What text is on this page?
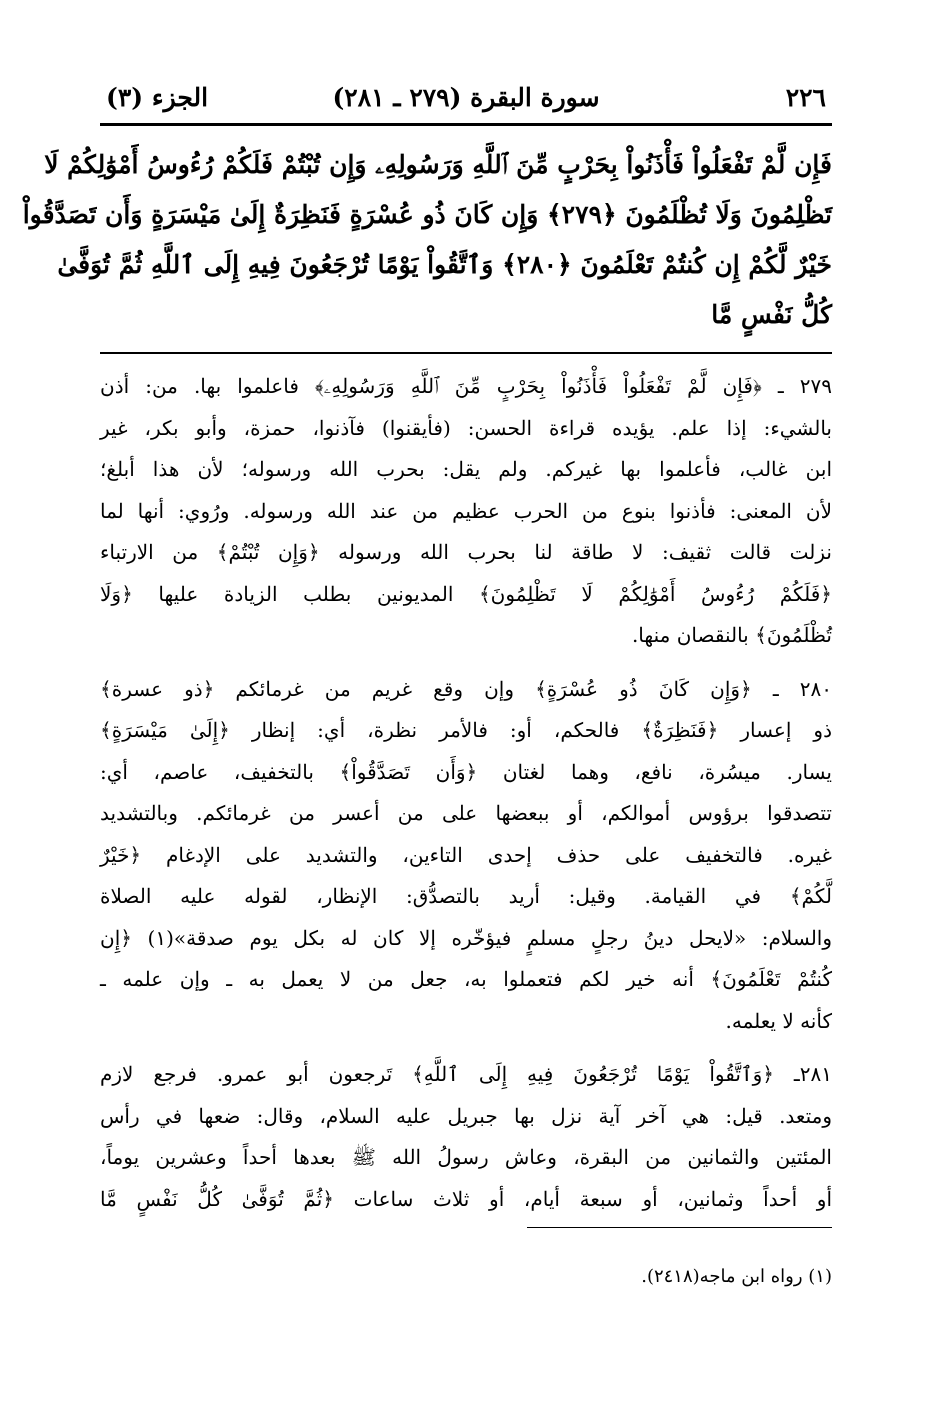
٢٢٦
سورة البقرة (٢٧٩ ـ ٢٨١)
الجزء (٣)
فَإِن لَّمْ تَفْعَلُواْ فَأْذَنُواْ بِحَرْبٍ مِّنَ ٱللَّهِ وَرَسُولِهِۦ وَإِن تُبْتُمْ فَلَكُمْ رُءُوسُ أَمْوَٰلِكُمْ لَا
تَظْلِمُونَ وَلَا تُظْلَمُونَ ﴿٢٧٩﴾ وَإِن كَانَ ذُو عُسْرَةٍ فَنَظِرَةٌ إِلَىٰ مَيْسَرَةٍ وَأَن تَصَدَّقُواْ
خَيْرٌ لَّكُمْ إِن كُنتُمْ تَعْلَمُونَ ﴿٢٨٠﴾ وَٱتَّقُواْ يَوْمًا تُرْجَعُونَ فِيهِ إِلَى ٱللَّهِ ثُمَّ تُوَفَّىٰ
كُلُّ نَفْسٍ مَّا
٢٧٩ ـ ﴿فَإِن لَّمْ تَفْعَلُواْ فَأْذَنُواْ بِحَرْبٍ مِّنَ ٱللَّهِ وَرَسُولِهِۦ﴾ فاعلموا بها. من: أذن
بالشيء: إذا علم. يؤيده قراءة الحسن: (فأيقنوا) فآذنوا، حمزة، وأبو بكر، غير
ابن غالب، فأعلموا بها غيركم. ولم يقل: بحرب الله ورسوله؛ لأن هذا أبلغ؛
لأن المعنى: فأذنوا بنوع من الحرب عظيم من عند الله ورسوله. ورُوي: أنها لما
نزلت قالت ثقيف: لا طاقة لنا بحرب الله ورسوله ﴿وَإِن تُبْتُمْ﴾ من الارتباء
﴿فَلَكُمْ رُءُوسُ أَمْوَٰلِكُمْ لَا تَظْلِمُونَ﴾ المديونين بطلب الزيادة عليها ﴿وَلَا
تُظْلَمُونَ﴾ بالنقصان منها.
٢٨٠ ـ ﴿وَإِن كَانَ ذُو عُسْرَةٍ﴾ وإن وقع غريم من غرمائكم ﴿ذو عسرة﴾
ذو إعسار ﴿فَنَظِرَةٌ﴾ فالحكم، أو: فالأمر نظرة، أي: إنظار ﴿إِلَىٰ مَيْسَرَةٍ﴾
يسار. ميسُرة، نافع، وهما لغتان ﴿وَأَن تَصَدَّقُواْ﴾ بالتخفيف، عاصم، أي:
تتصدقوا برؤوس أموالكم، أو ببعضها على من أعسر من غرمائكم. وبالتشديد
غيره. فالتخفيف على حذف إحدى التاءين، والتشديد على الإدغام ﴿خَيْرٌ
لَّكُمْ﴾ في القيامة. وقيل: أريد بالتصدُّق: الإنظار، لقوله عليه الصلاة
والسلام: «لايحل دينُ رجلٍ مسلمٍ فيؤخّره إلا كان له بكل يوم صدقة»(١) ﴿إِن
كُنتُمْ تَعْلَمُونَ﴾ أنه خير لكم فتعملوا به، جعل من لا يعمل به ـ وإن علمه ـ
كأنه لا يعلمه.
٢٨١ـ ﴿وَٱتَّقُواْ يَوْمًا تُرْجَعُونَ فِيهِ إِلَى ٱللَّهِ﴾ تَرجعون أبو عمرو. فرجع لازم
ومتعد. قيل: هي آخر آية نزل بها جبريل عليه السلام، وقال: ضعها في رأس
المئتين والثمانين من البقرة، وعاش رسولُ الله ﷺ بعدها أحداً وعشرين يوماً،
أو أحداً وثمانين، أو سبعة أيام، أو ثلاث ساعات ﴿ثُمَّ تُوَفَّىٰ كُلُّ نَفْسٍ مَّا
(١) رواه ابن ماجه(٢٤١٨).
